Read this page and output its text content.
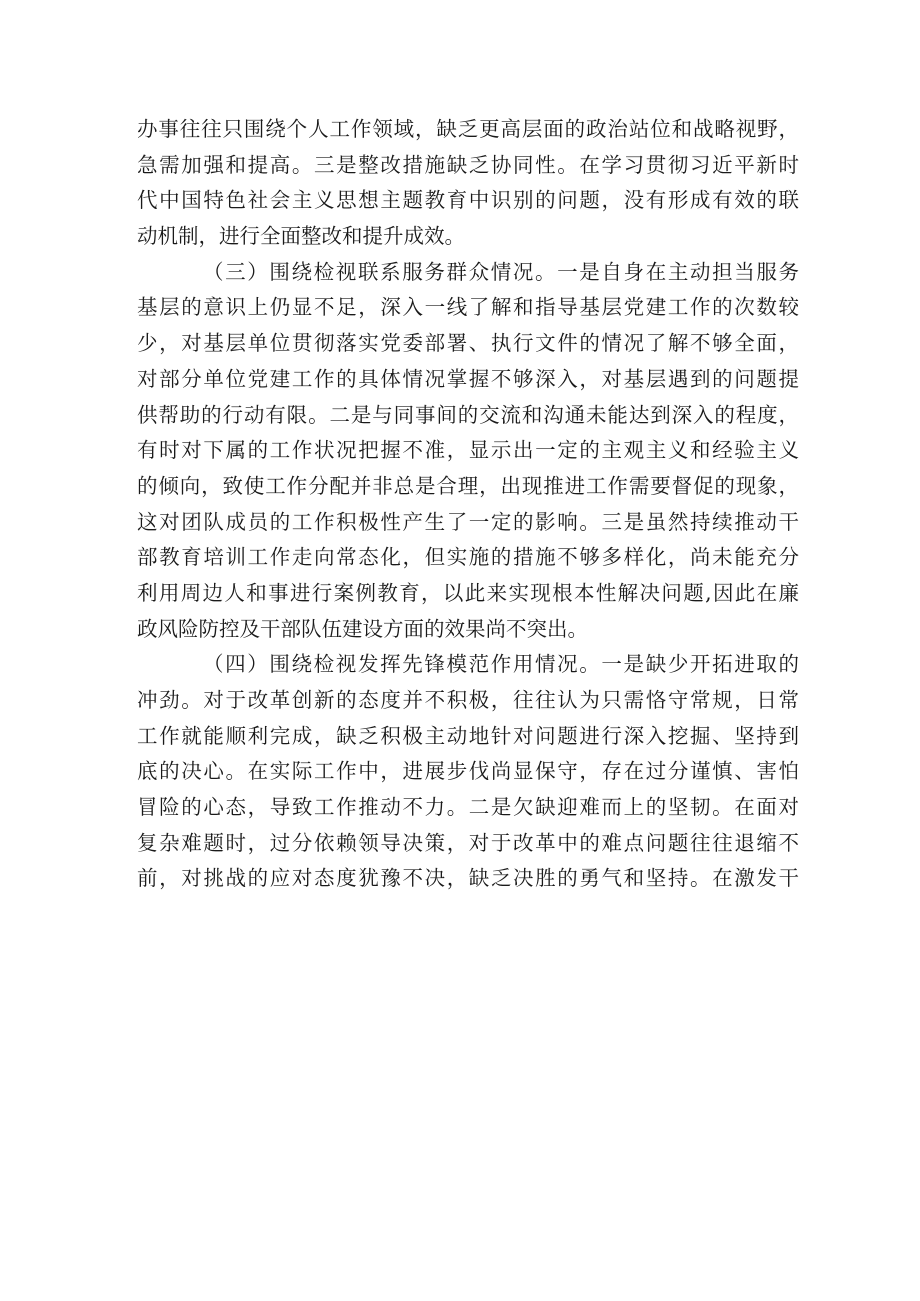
办事往往只围绕个人工作领域，缺乏更高层面的政治站位和战略视野，
急需加强和提高。三是整改措施缺乏协同性。在学习贯彻习近平新时
代中国特色社会主义思想主题教育中识别的问题，没有形成有效的联
动机制，进行全面整改和提升成效。
（三）围绕检视联系服务群众情况。一是自身在主动担当服务
基层的意识上仍显不足，深入一线了解和指导基层党建工作的次数较
少，对基层单位贯彻落实党委部署、执行文件的情况了解不够全面，
对部分单位党建工作的具体情况掌握不够深入，对基层遇到的问题提
供帮助的行动有限。二是与同事间的交流和沟通未能达到深入的程度，
有时对下属的工作状况把握不准，显示出一定的主观主义和经验主义
的倾向，致使工作分配并非总是合理，出现推进工作需要督促的现象，
这对团队成员的工作积极性产生了一定的影响。三是虽然持续推动干
部教育培训工作走向常态化，但实施的措施不够多样化，尚未能充分
利用周边人和事进行案例教育，以此来实现根本性解决问题,因此在廉
政风险防控及干部队伍建设方面的效果尚不突出。
（四）围绕检视发挥先锋模范作用情况。一是缺少开拓进取的
冲劲。对于改革创新的态度并不积极，往往认为只需恪守常规，日常
工作就能顺利完成，缺乏积极主动地针对问题进行深入挖掘、坚持到
底的决心。在实际工作中，进展步伐尚显保守，存在过分谨慎、害怕
冒险的心态，导致工作推动不力。二是欠缺迎难而上的坚韧。在面对
复杂难题时，过分依赖领导决策，对于改革中的难点问题往往退缩不
前，对挑战的应对态度犹豫不决，缺乏决胜的勇气和坚持。在激发干
